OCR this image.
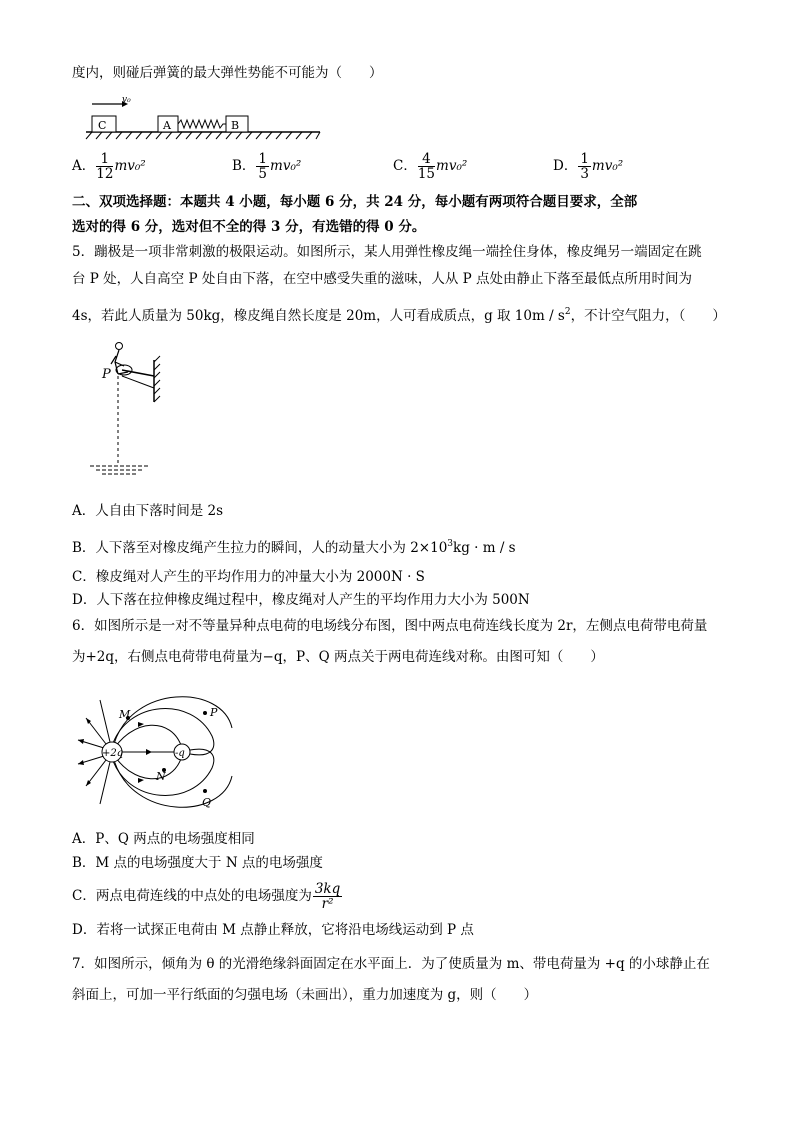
度内，则碰后弹簧的最大弹性势能不可能为（　　）
C
v₀
A	B
A． $\frac{1}{12} mv_0^2$	B． $\frac{1}{5} mv_0^2$	C． $\frac{4}{15} mv_0^2$	D． $\frac{1}{3} mv_0^2$
二、双项选择题：本题共 4 小题，每小题 6 分，共 24 分，每小题有两项符合题目要求，全部
选对的得 6 分，选对但不全的得 3 分，有选错的得 0 分。
5．蹦极是一项非常刺激的极限运动。如图所示，某人用弹性橡皮绳一端拴住身体，橡皮绳另一端固定在跳
台 P 处，人自高空 P 处自由下落，在空中感受失重的滋味，人从 P 点处由静止下落至最低点所用时间为
4s，若此人质量为 50kg，橡皮绳自然长度是 20m，人可看成质点，g 取 $10m / s^2$，不计空气阻力，（　　）
P
A．人自由下落时间是 2s
B．人下落至对橡皮绳产生拉力的瞬间，人的动量大小为 $2\times 10^3kg \cdot m / s$
C．橡皮绳对人产生的平均作用力的冲量大小为 2000N · S
D．人下落在拉伸橡皮绳过程中，橡皮绳对人产生的平均作用力大小为 500N
6．如图所示是一对不等量异种点电荷的电场线分布图，图中两点电荷连线长度为 2r，左侧点电荷带电荷量
为+2q，右侧点电荷带电荷量为−q，P、Q 两点关于两电荷连线对称。由图可知（　　）
+2q	-q
M
N
P
Q
A．P、Q 两点的电场强度相同
B．M 点的电场强度大于 N 点的电场强度
C．两点电荷连线的中点处的电场强度为 $\frac{3kq}{\text{r²}}$
D．若将一试探正电荷由 M 点静止释放，它将沿电场线运动到 P 点
7．如图所示，倾角为 θ 的光滑绝缘斜面固定在水平面上．为了使质量为 m、带电荷量为 +q 的小球静止在
斜面上，可加一平行纸面的匀强电场（未画出），重力加速度为 g，则（　　）
